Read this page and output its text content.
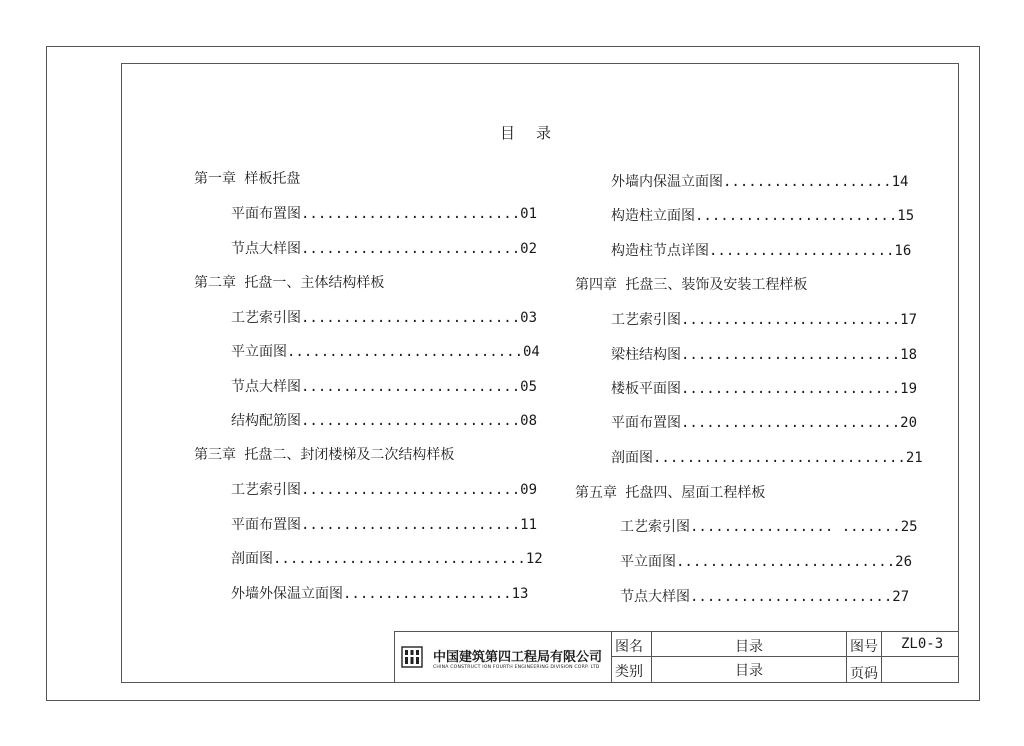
目 录
第一章 样板托盘
平面布置图..........................01
节点大样图..........................02
第二章 托盘一、主体结构样板
工艺索引图..........................03
平立面图............................04
节点大样图..........................05
结构配筋图..........................08
第三章 托盘二、封闭楼梯及二次结构样板
工艺索引图..........................09
平面布置图..........................11
剖面图..............................12
外墙外保温立面图....................13
外墙内保温立面图....................14
构造柱立面图........................15
构造柱节点详图......................16
第四章 托盘三、装饰及安装工程样板
工艺索引图..........................17
梁柱结构图..........................18
楼板平面图..........................19
平面布置图..........................20
剖面图..............................21
第五章 托盘四、屋面工程样板
工艺索引图................. .......25
平立面图..........................26
节点大样图........................27
中国建筑第四工程局有限公司
CHINA CONSTRUCT ION FOURTH ENGINEERING DIVISION CORP. LTD
图名	目录	图号 ZL0-3
类别	目录	页码
